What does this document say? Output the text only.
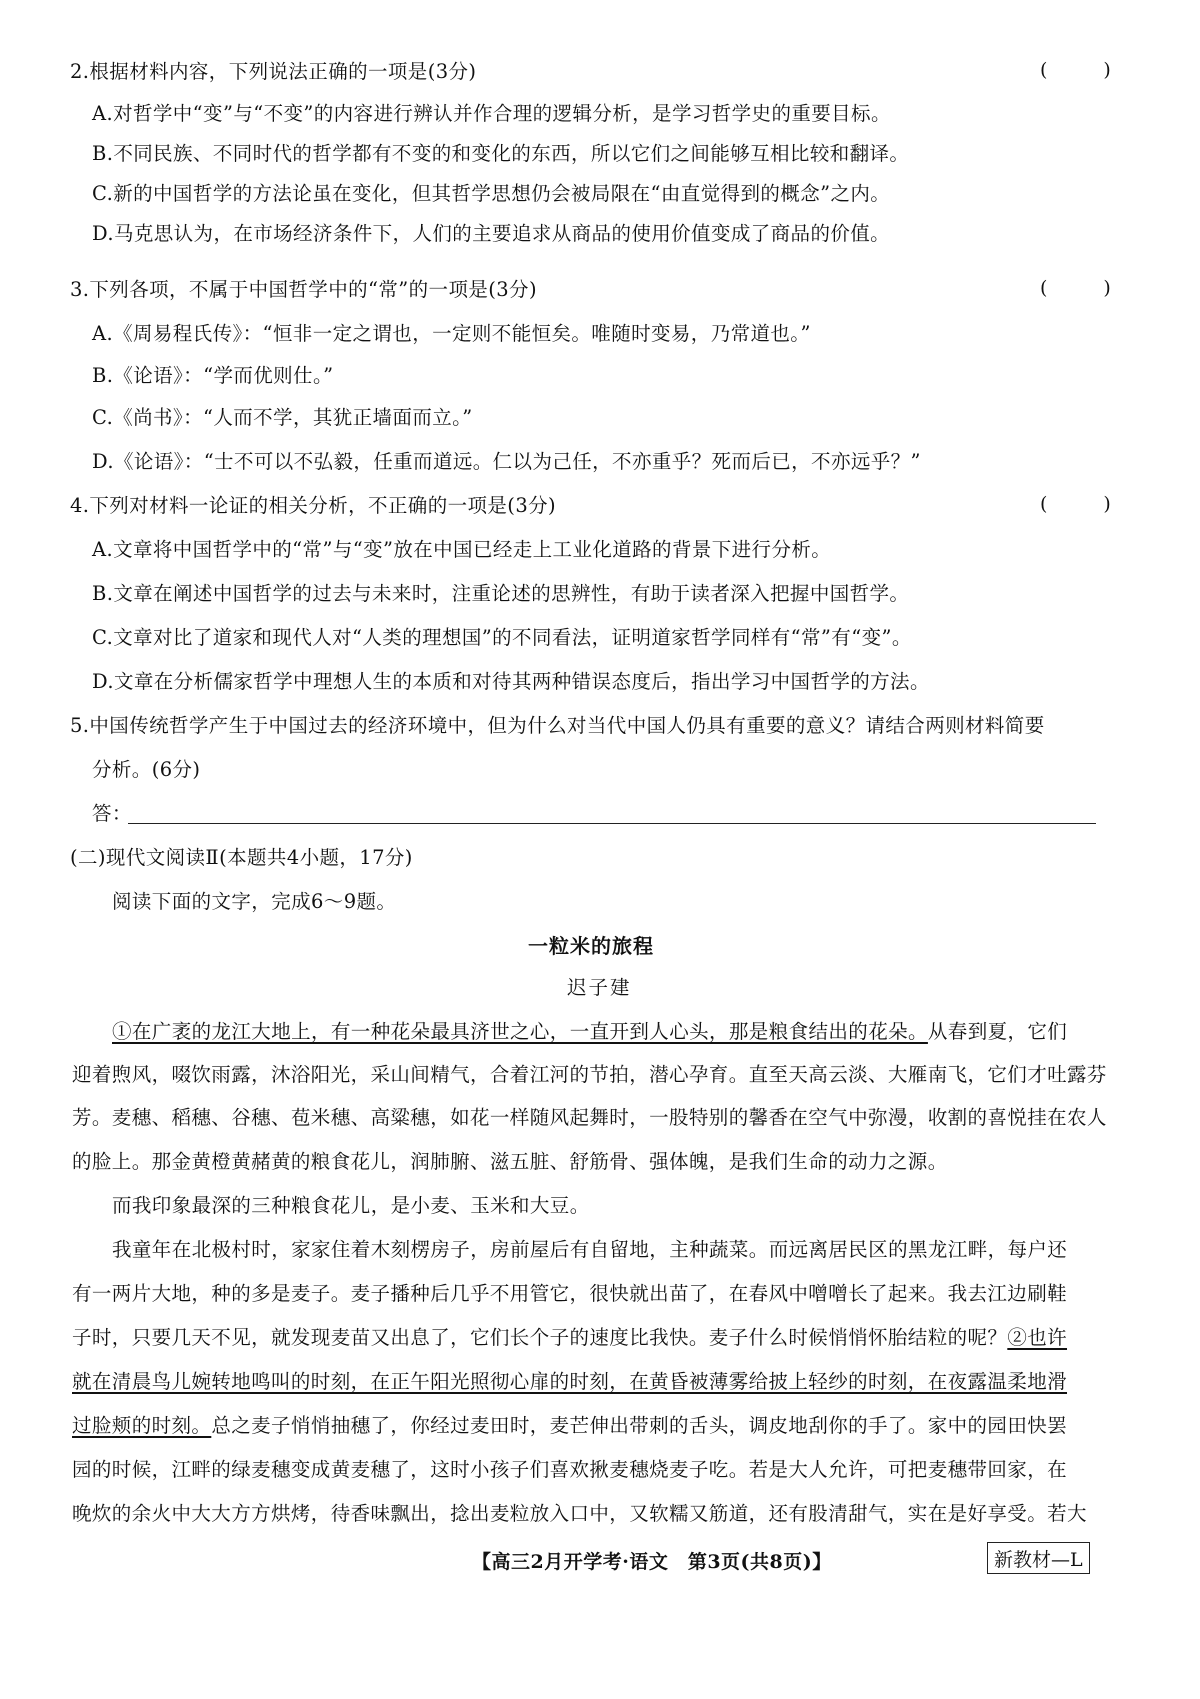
2.根据材料内容，下列说法正确的一项是(3分)	(　　)
A.对哲学中“变”与“不变”的内容进行辨认并作合理的逻辑分析，是学习哲学史的重要目标。
B.不同民族、不同时代的哲学都有不变的和变化的东西，所以它们之间能够互相比较和翻译。
C.新的中国哲学的方法论虽在变化，但其哲学思想仍会被局限在“由直觉得到的概念”之内。
D.马克思认为，在市场经济条件下，人们的主要追求从商品的使用价值变成了商品的价值。
3.下列各项，不属于中国哲学中的“常”的一项是(3分)	(　　)
A.《周易程氏传》：“恒非一定之谓也，一定则不能恒矣。唯随时变易，乃常道也。”
B.《论语》：“学而优则仕。”
C.《尚书》：“人而不学，其犹正墙面而立。”
D.《论语》：“士不可以不弘毅，任重而道远。仁以为己任，不亦重乎？死而后已，不亦远乎？”
4.下列对材料一论证的相关分析，不正确的一项是(3分)	(　　)
A.文章将中国哲学中的“常”与“变”放在中国已经走上工业化道路的背景下进行分析。
B.文章在阐述中国哲学的过去与未来时，注重论述的思辨性，有助于读者深入把握中国哲学。
C.文章对比了道家和现代人对“人类的理想国”的不同看法，证明道家哲学同样有“常”有“变”。
D.文章在分析儒家哲学中理想人生的本质和对待其两种错误态度后，指出学习中国哲学的方法。
5.中国传统哲学产生于中国过去的经济环境中，但为什么对当代中国人仍具有重要的意义？请结合两则材料简要
分析。(6分)
答：
(二)现代文阅读Ⅱ(本题共4小题，17分)
阅读下面的文字，完成6～9题。
一粒米的旅程
迟子建
①在广袤的龙江大地上，有一种花朵最具济世之心，一直开到人心头，那是粮食结出的花朵。从春到夏，它们
迎着煦风，啜饮雨露，沐浴阳光，采山间精气，合着江河的节拍，潜心孕育。直至天高云淡、大雁南飞，它们才吐露芬
芳。麦穗、稻穗、谷穗、苞米穗、高粱穗，如花一样随风起舞时，一股特别的馨香在空气中弥漫，收割的喜悦挂在农人
的脸上。那金黄橙黄赭黄的粮食花儿，润肺腑、滋五脏、舒筋骨、强体魄，是我们生命的动力之源。
而我印象最深的三种粮食花儿，是小麦、玉米和大豆。
我童年在北极村时，家家住着木刻楞房子，房前屋后有自留地，主种蔬菜。而远离居民区的黑龙江畔，每户还
有一两片大地，种的多是麦子。麦子播种后几乎不用管它，很快就出苗了，在春风中噌噌长了起来。我去江边刷鞋
子时，只要几天不见，就发现麦苗又出息了，它们长个子的速度比我快。麦子什么时候悄悄怀胎结粒的呢？②也许
就在清晨鸟儿婉转地鸣叫的时刻，在正午阳光照彻心扉的时刻，在黄昏被薄雾给披上轻纱的时刻，在夜露温柔地滑
过脸颊的时刻。总之麦子悄悄抽穗了，你经过麦田时，麦芒伸出带刺的舌头，调皮地刮你的手了。家中的园田快罢
园的时候，江畔的绿麦穗变成黄麦穗了，这时小孩子们喜欢揪麦穗烧麦子吃。若是大人允许，可把麦穗带回家，在
晚炊的余火中大大方方烘烤，待香味飘出，捻出麦粒放入口中，又软糯又筋道，还有股清甜气，实在是好享受。若大
【高三2月开学考·语文　第3页(共8页)】	新教材—L
